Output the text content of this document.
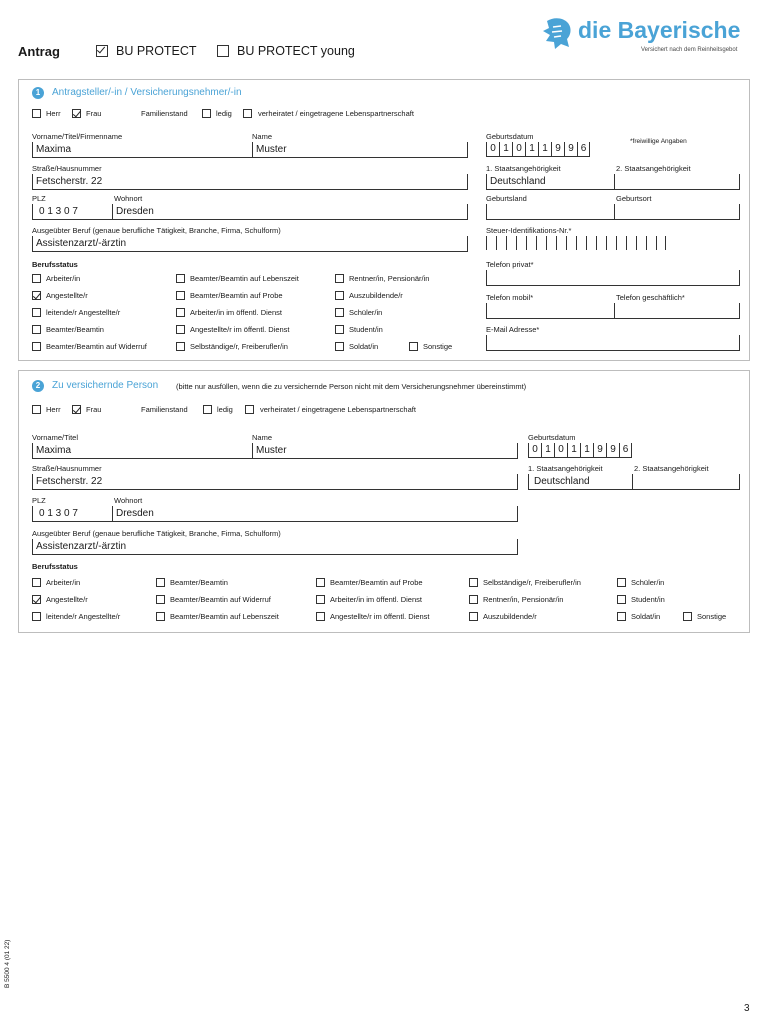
Antrag	BU PROTECT	BU PROTECT young
die Bayerische
Versichert nach dem Reinheitsgebot
1	Antragsteller/-in / Versicherungsnehmer/-in
Herr	Frau	Familienstand	ledig	verheiratet / eingetragene Lebenspartnerschaft
Vorname/Titel/Firmenname
Maxima
Name
Muster
Geburtsdatum
*freiwillige Angaben
0 1 0 1 1 9 9 6
Straße/Hausnummer
Fetscherstr. 22
1. Staatsangehörigkeit
Deutschland
2. Staatsangehörigkeit
PLZ
0 1 3 0 7
Wohnort
Dresden
Geburtsland	Geburtsort
Ausgeübter Beruf (genaue berufliche Tätigkeit, Branche, Firma, Schulform)
Assistenzarzt/-ärztin
Steuer-Identifikations-Nr.*
Berufsstatus	Telefon privat*
Telefon mobil*	Telefon geschäftlich*
E-Mail Adresse*
Arbeiter/in
Angestellte/r
leitende/r Angestellte/r
Beamter/Beamtin
Beamter/Beamtin auf Widerruf
Beamter/Beamtin auf Lebenszeit
Beamter/Beamtin auf Probe
Arbeiter/in im öffentl. Dienst
Angestellte/r im öffentl. Dienst
Selbständige/r, Freiberufler/in
Rentner/in, Pensionär/in
Auszubildende/r
Schüler/in
Student/in
Soldat/in	Sonstige
2	Zu versichernde Person (bitte nur ausfüllen, wenn die zu versichernde Person nicht mit dem Versicherungsnehmer übereinstimmt)
Herr	Frau	Familienstand	ledig	verheiratet / eingetragene Lebenspartnerschaft
Vorname/Titel
Maxima
Name
Muster
Geburtsdatum
0 1 0 1 1 9 9 6
Straße/Hausnummer
Fetscherstr. 22
1. Staatsangehörigkeit
Deutschland
2. Staatsangehörigkeit
PLZ
0 1 3 0 7
Wohnort
Dresden
Ausgeübter Beruf (genaue berufliche Tätigkeit, Branche, Firma, Schulform)
Assistenzarzt/-ärztin
Berufsstatus
Arbeiter/in
Angestellte/r
leitende/r Angestellte/r
Beamter/Beamtin
Beamter/Beamtin auf Widerruf
Beamter/Beamtin auf Lebenszeit
Beamter/Beamtin auf Probe
Arbeiter/in im öffentl. Dienst
Angestellte/r im öffentl. Dienst
Selbständige/r, Freiberufler/in
Rentner/in, Pensionär/in
Auszubildende/r
Schüler/in
Student/in
Soldat/in	Sonstige
B 5500 4 (01 22)
3
